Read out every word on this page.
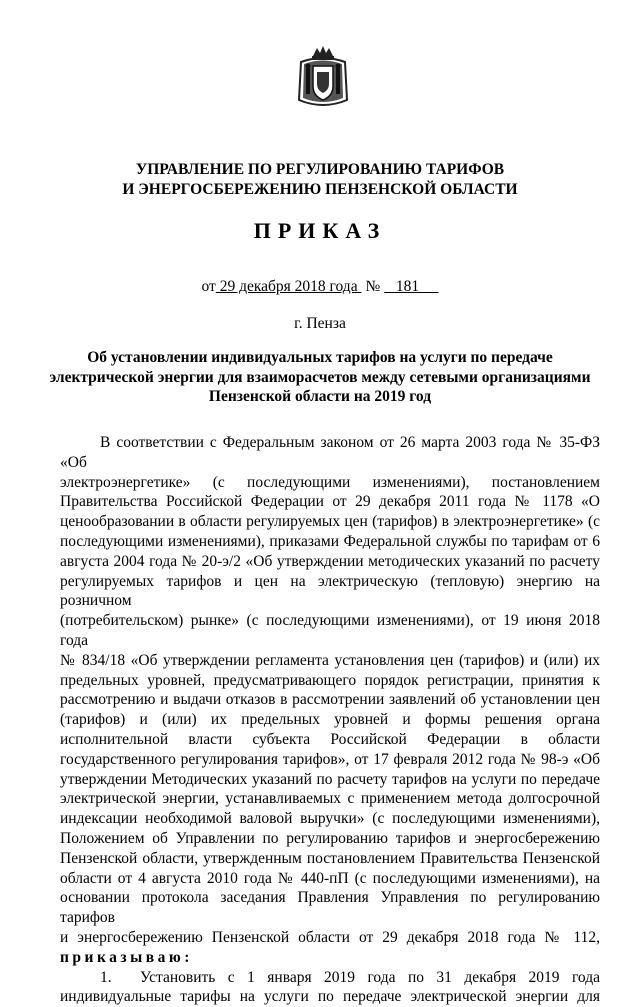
УПРАВЛЕНИЕ ПО РЕГУЛИРОВАНИЮ ТАРИФОВ
И ЭНЕРГОСБЕРЕЖЕНИЮ ПЕНЗЕНСКОЙ ОБЛАСТИ
ПРИКАЗ
от 29 декабря 2018 года №   181
г. Пенза
Об установлении индивидуальных тарифов на услуги по передаче
электрической энергии для взаиморасчетов между сетевыми организациями
Пензенской области на 2019 год

В соответствии с Федеральным законом от 26 марта 2003 года № 35-ФЗ «Об

электроэнергетике» (с последующими изменениями), постановлением

Правительства Российской Федерации от 29 декабря 2011 года № 1178 «О

ценообразовании в области регулируемых цен (тарифов) в электроэнергетике» (с

последующими изменениями), приказами Федеральной службы по тарифам от 6

августа 2004 года № 20-э/2 «Об утверждении методических указаний по расчету

регулируемых тарифов и цен на электрическую (тепловую) энергию на розничном

(потребительском) рынке» (с последующими изменениями), от 19 июня 2018 года

№ 834/18 «Об утверждении регламента установления цен (тарифов) и (или) их

предельных уровней, предусматривающего порядок регистрации, принятия к

рассмотрению и выдачи отказов в рассмотрении заявлений об установлении цен

(тарифов) и (или) их предельных уровней и формы решения органа

исполнительной власти субъекта Российской Федерации в области

государственного регулирования тарифов», от 17 февраля 2012 года № 98-э «Об

утверждении Методических указаний по расчету тарифов на услуги по передаче

электрической энергии, устанавливаемых с применением метода долгосрочной

индексации необходимой валовой выручки» (с последующими изменениями),

Положением об Управлении по регулированию тарифов и энергосбережению

Пензенской области, утвержденным постановлением Правительства Пензенской

области от 4 августа 2010 года № 440-пП (с последующими изменениями), на

основании протокола заседания Правления Управления по регулированию тарифов

и энергосбережению Пензенской области от 29 декабря 2018 года № 112,

приказываю:

1. Установить с 1 января 2019 года по 31 декабря 2019 года

индивидуальные тарифы на услуги по передаче электрической энергии для
